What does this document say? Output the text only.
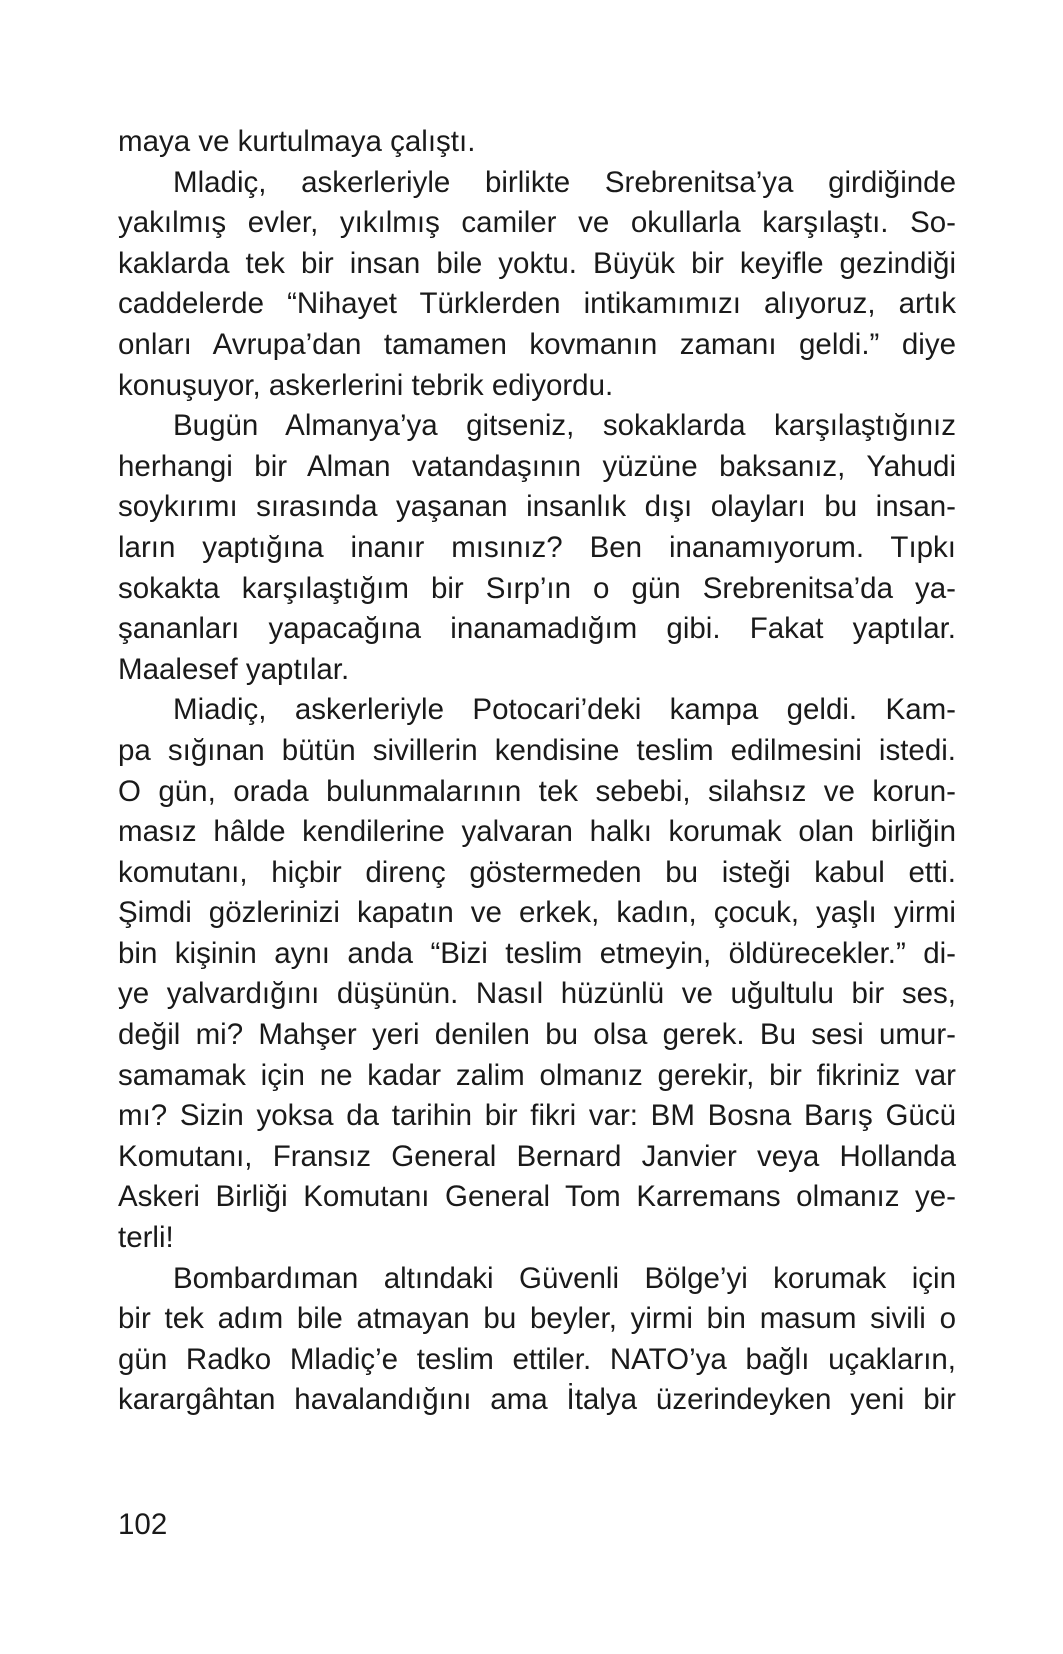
maya ve kurtulmaya çalıştı.
Mladiç, askerleriyle birlikte Srebrenitsa’ya girdiğinde
yakılmış evler, yıkılmış camiler ve okullarla karşılaştı. So-
kaklarda tek bir insan bile yoktu. Büyük bir keyifle gezindiği
caddelerde “Nihayet Türklerden intikamımızı alıyoruz, artık
onları Avrupa’dan tamamen kovmanın zamanı geldi.” diye
konuşuyor, askerlerini tebrik ediyordu.
Bugün Almanya’ya gitseniz, sokaklarda karşılaştığınız
herhangi bir Alman vatandaşının yüzüne baksanız, Yahudi
soykırımı sırasında yaşanan insanlık dışı olayları bu insan-
ların yaptığına inanır mısınız? Ben inanamıyorum. Tıpkı
sokakta karşılaştığım bir Sırp’ın o gün Srebrenitsa’da ya-
şananları yapacağına inanamadığım gibi. Fakat yaptılar.
Maalesef yaptılar.
Miadiç, askerleriyle Potocari’deki kampa geldi. Kam-
pa sığınan bütün sivillerin kendisine teslim edilmesini istedi.
O gün, orada bulunmalarının tek sebebi, silahsız ve korun-
masız hâlde kendilerine yalvaran halkı korumak olan birliğin
komutanı, hiçbir direnç göstermeden bu isteği kabul etti.
Şimdi gözlerinizi kapatın ve erkek, kadın, çocuk, yaşlı yirmi
bin kişinin aynı anda “Bizi teslim etmeyin, öldürecekler.” di-
ye yalvardığını düşünün. Nasıl hüzünlü ve uğultulu bir ses,
değil mi? Mahşer yeri denilen bu olsa gerek. Bu sesi umur-
samamak için ne kadar zalim olmanız gerekir, bir fikriniz var
mı? Sizin yoksa da tarihin bir fikri var: BM Bosna Barış Gücü
Komutanı, Fransız General Bernard Janvier veya Hollanda
Askeri Birliği Komutanı General Tom Karremans olmanız ye-
terli!
Bombardıman altındaki Güvenli Bölge’yi korumak için
bir tek adım bile atmayan bu beyler, yirmi bin masum sivili o
gün Radko Mladiç’e teslim ettiler. NATO’ya bağlı uçakların,
karargâhtan havalandığını ama İtalya üzerindeyken yeni bir
102
